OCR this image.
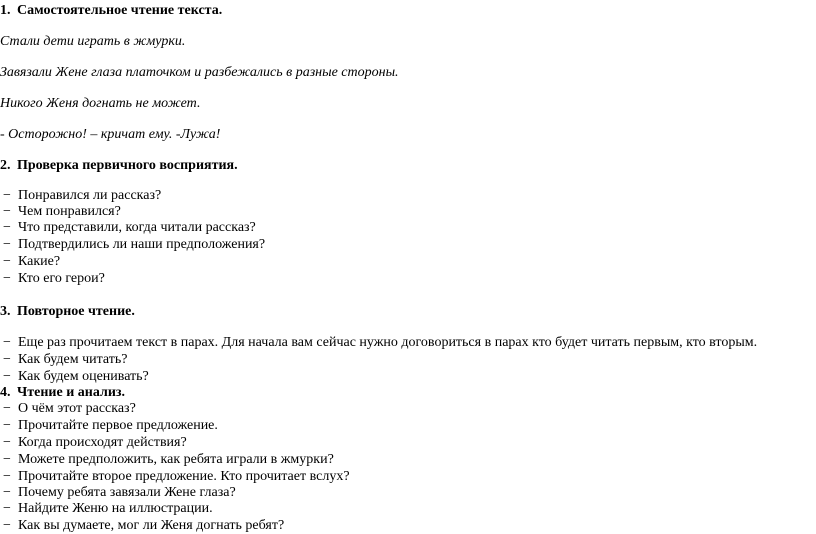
1. Самостоятельное чтение текста.
Стали дети играть в жмурки.
Завязали Жене глаза платочком и разбежались в разные стороны.
Никого Женя догнать не может.
- Осторожно! – кричат ему. -Лужа!
2. Проверка первичного восприятия.
− Понравился ли рассказ?
− Чем понравился?
− Что представили, когда читали рассказ?
− Подтвердились ли наши предположения?
− Какие?
− Кто его герои?
3. Повторное чтение.
− Еще раз прочитаем текст в парах. Для начала вам сейчас нужно договориться в парах кто будет читать первым, кто вторым.
− Как будем читать?
− Как будем оценивать?
4. Чтение и анализ.
− О чём этот рассказ?
− Прочитайте первое предложение.
− Когда происходят действия?
− Можете предположить, как ребята играли в жмурки?
− Прочитайте второе предложение. Кто прочитает вслух?
− Почему ребята завязали Жене глаза?
− Найдите Женю на иллюстрации.
− Как вы думаете, мог ли Женя догнать ребят?
